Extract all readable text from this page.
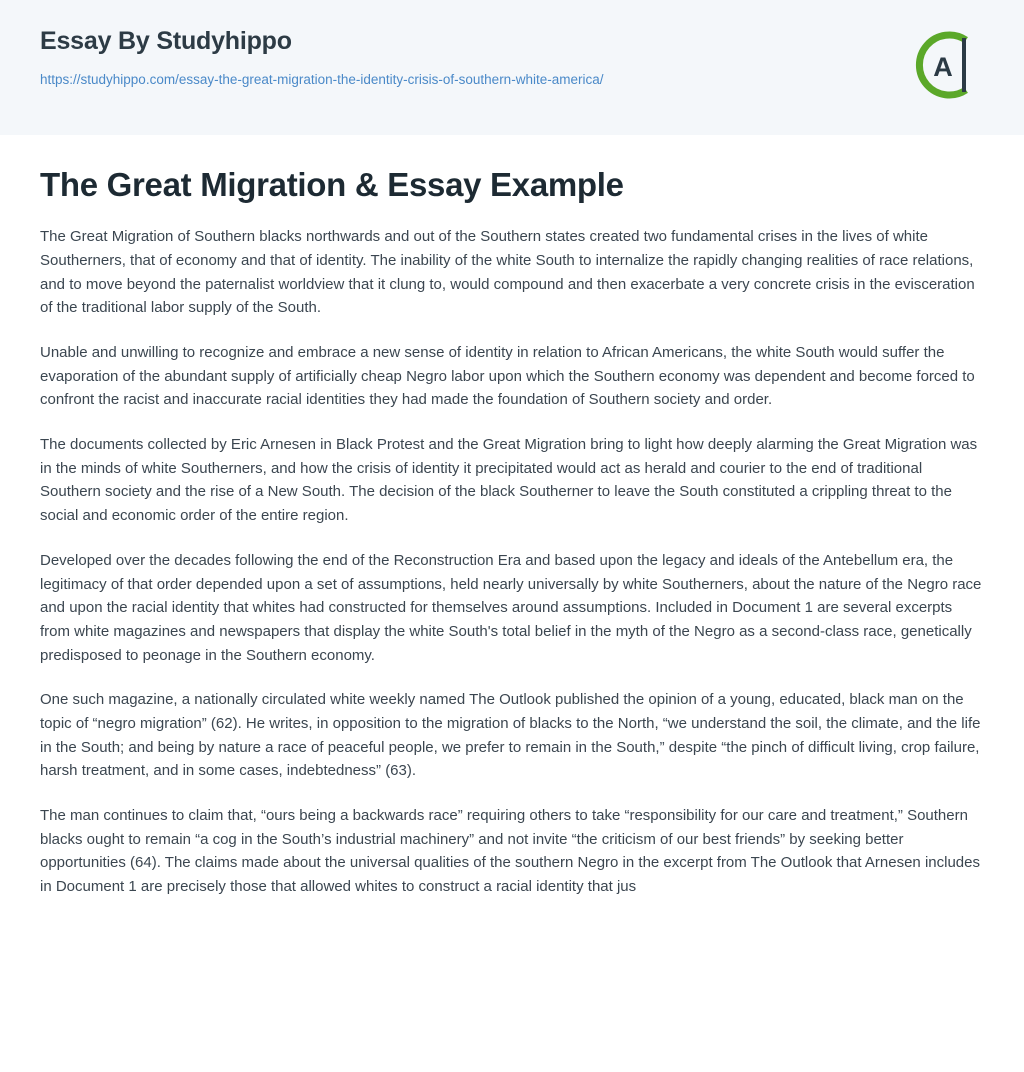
Essay By Studyhippo
https://studyhippo.com/essay-the-great-migration-the-identity-crisis-of-southern-white-america/	A
The Great Migration & Essay Example

The Great Migration of Southern blacks northwards and out of the Southern states created two fundamental crises in the lives of white Southerners, that of economy and that of identity. The inability of the white South to internalize the rapidly changing realities of race relations, and to move beyond the paternalist worldview that it clung to, would compound and then exacerbate a very concrete crisis in the evisceration of the traditional labor supply of the South.

Unable and unwilling to recognize and embrace a new sense of identity in relation to African Americans, the white South would suffer the evaporation of the abundant supply of artificially cheap Negro labor upon which the Southern economy was dependent and become forced to confront the racist and inaccurate racial identities they had made the foundation of Southern society and order.

The documents collected by Eric Arnesen in Black Protest and the Great Migration bring to light how deeply alarming the Great Migration was in the minds of white Southerners, and how the crisis of identity it precipitated would act as herald and courier to the end of traditional Southern society and the rise of a New South. The decision of the black Southerner to leave the South constituted a crippling threat to the social and economic order of the entire region.

Developed over the decades following the end of the Reconstruction Era and based upon the legacy and ideals of the Antebellum era, the legitimacy of that order depended upon a set of assumptions, held nearly universally by white Southerners, about the nature of the Negro race and upon the racial identity that whites had constructed for themselves around assumptions. Included in Document 1 are several excerpts from white magazines and newspapers that display the white South's total belief in the myth of the Negro as a second-class race, genetically predisposed to peonage in the Southern economy.

One such magazine, a nationally circulated white weekly named The Outlook published the opinion of a young, educated, black man on the topic of “negro migration” (62). He writes, in opposition to the migration of blacks to the North, “we understand the soil, the climate, and the life in the South; and being by nature a race of peaceful people, we prefer to remain in the South,” despite “the pinch of difficult living, crop failure, harsh treatment, and in some cases, indebtedness” (63).

The man continues to claim that, “ours being a backwards race” requiring others to take “responsibility for our care and treatment,” Southern blacks ought to remain “a cog in the South’s industrial machinery” and not invite “the criticism of our best friends” by seeking better opportunities (64). The claims made about the universal qualities of the southern Negro in the excerpt from The Outlook that Arnesen includes in Document 1 are precisely those that allowed whites to construct a racial identity that jus
